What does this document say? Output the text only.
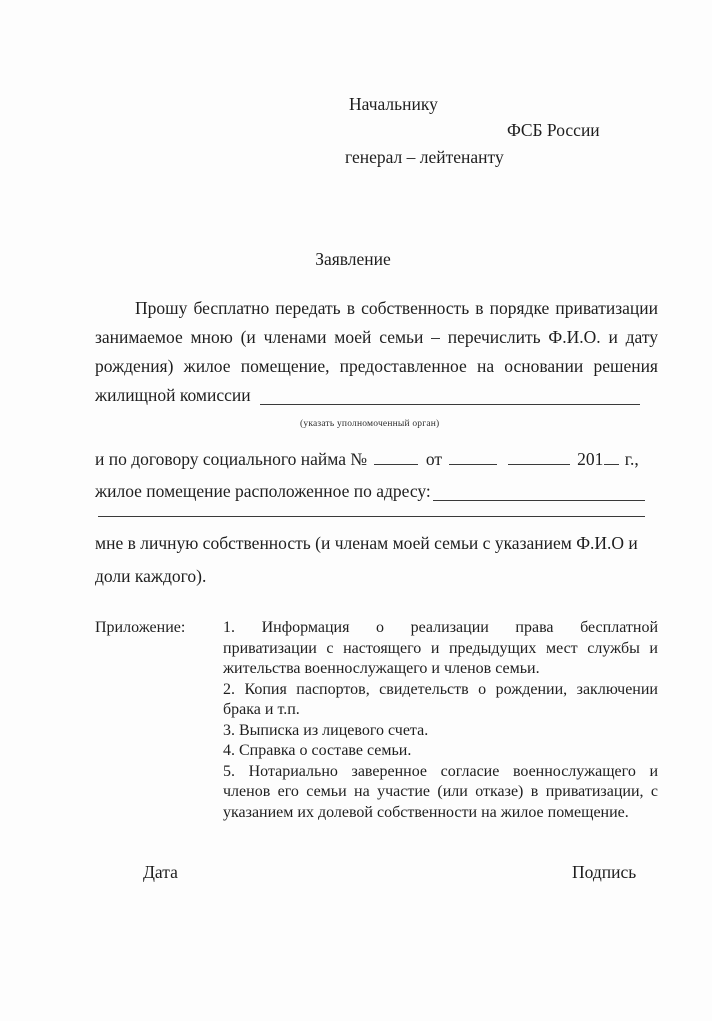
Начальнику
ФСБ России
генерал – лейтенанту
Заявление
Прошу бесплатно передать в собственность в порядке приватизации
занимаемое мною (и членами моей семьи – перечислить Ф.И.О. и дату
рождения) жилое помещение, предоставленное на основании решения
жилищной комиссии
(указать уполномоченный орган)
и по договору социального найма №	от	201 г.,
жилое помещение расположенное по адресу:
мне в личную собственность (и членам моей семьи с указанием Ф.И.О и
доли каждого).
Приложение:	1. Информация о реализации права бесплатной
приватизации с настоящего и предыдущих мест службы и
жительства военнослужащего и членов семьи.
2. Копия паспортов, свидетельств о рождении, заключении
брака и т.п.
3. Выписка из лицевого счета.
4. Справка о составе семьи.
5. Нотариально заверенное согласие военнослужащего и
членов его семьи на участие (или отказе) в приватизации, с
указанием их долевой собственности на жилое помещение.
Дата	Подпись
